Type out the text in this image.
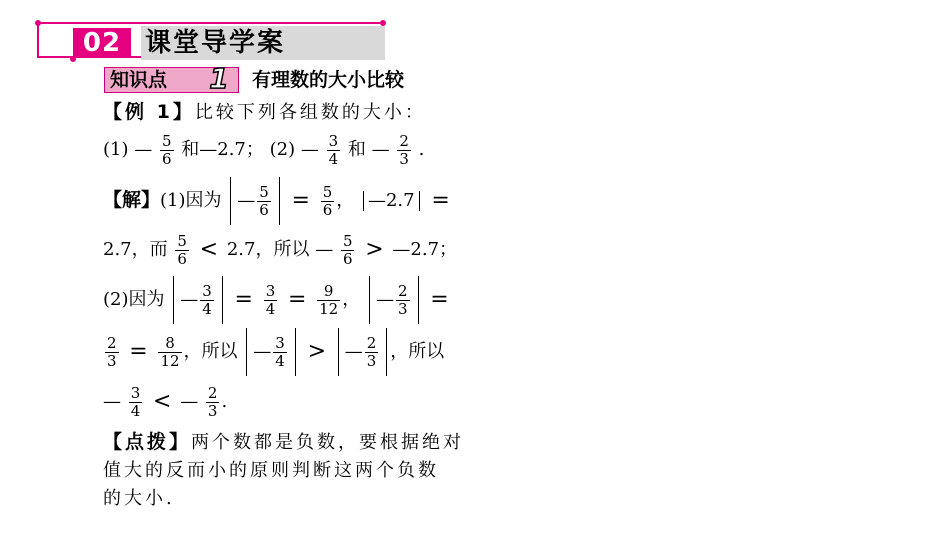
02 课堂导学案
知识点 1 有理数的大小比较
【例 1】比较下列各组数的大小：
(1) — $\frac{5}{6}$ 和—2.7； (2) — $\frac{3}{4}$ 和 — $\frac{2}{3}$ .
【解】(1)因为 — $\frac{5}{6} = \frac{5}{6}$ ， —2.7 =
2.7，而 $\frac{5}{6} < 2.7$，所以 — $\frac{5}{6}$ > —2.7；
(2)因为 — $\frac{3}{4} = \frac{3}{4} = \frac{9}{12}$ ， — $\frac{2}{3}$ =
$\frac{2}{3} = \frac{8}{12}$ ，所以 — $\frac{3}{4}$ > — $\frac{2}{3}$ ，所以
— $\frac{3}{4}$ < — $\frac{2}{3}$ .
【点拨】两个数都是负数，要根据绝对
值大的反而小的原则判断这两个负数
的大小.
